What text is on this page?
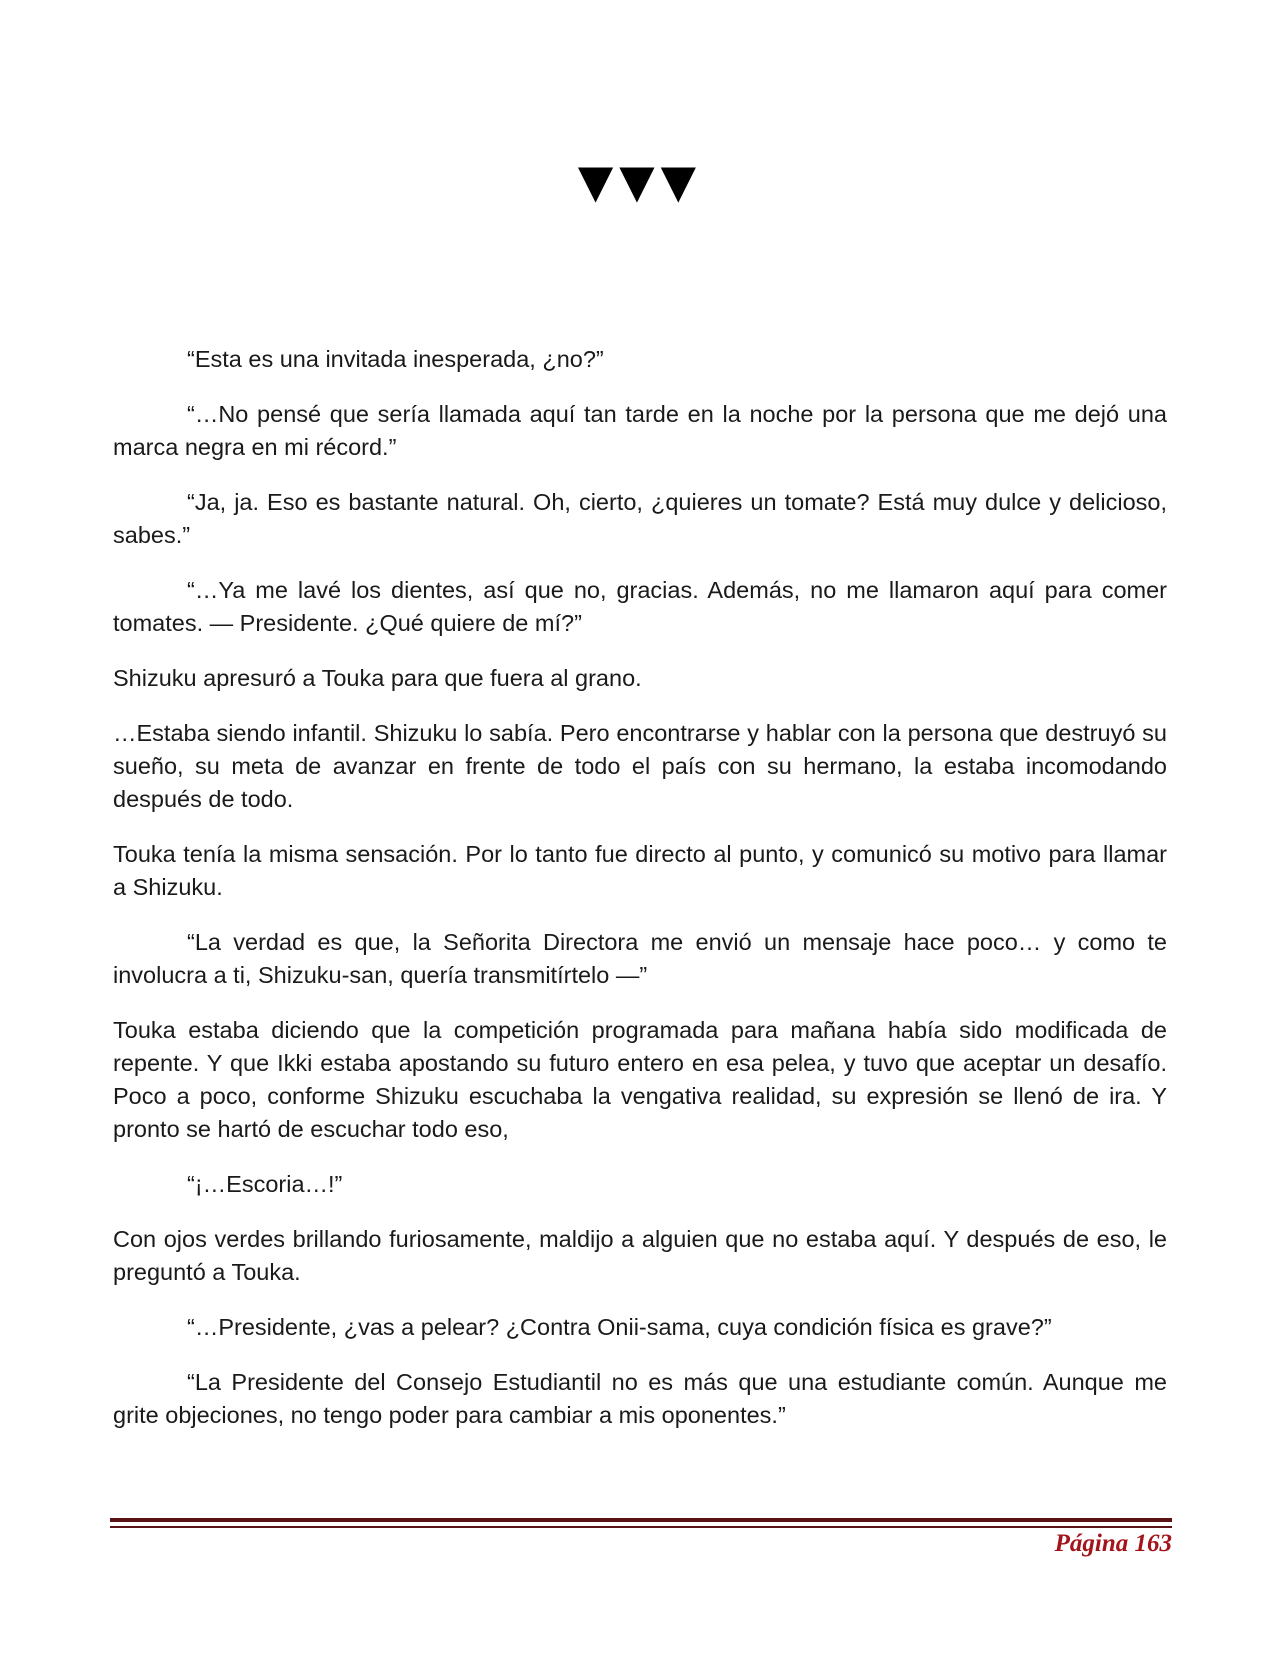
▼▼▼

“Esta es una invitada inesperada, ¿no?”

“…No pensé que sería llamada aquí tan tarde en la noche por la persona que me dejó una marca negra en mi récord.”

“Ja, ja. Eso es bastante natural. Oh, cierto, ¿quieres un tomate? Está muy dulce y delicioso, sabes.”

“…Ya me lavé los dientes, así que no, gracias. Además, no me llamaron aquí para comer tomates. — Presidente. ¿Qué quiere de mí?”

Shizuku apresuró a Touka para que fuera al grano.

…Estaba siendo infantil. Shizuku lo sabía. Pero encontrarse y hablar con la persona que destruyó su sueño, su meta de avanzar en frente de todo el país con su hermano, la estaba incomodando después de todo.

Touka tenía la misma sensación. Por lo tanto fue directo al punto, y comunicó su motivo para llamar a Shizuku.

“La verdad es que, la Señorita Directora me envió un mensaje hace poco… y como te involucra a ti, Shizuku-san, quería transmitírtelo —”

Touka estaba diciendo que la competición programada para mañana había sido modificada de repente. Y que Ikki estaba apostando su futuro entero en esa pelea, y tuvo que aceptar un desafío. Poco a poco, conforme Shizuku escuchaba la vengativa realidad, su expresión se llenó de ira. Y pronto se hartó de escuchar todo eso,

“¡…Escoria…!”

Con ojos verdes brillando furiosamente, maldijo a alguien que no estaba aquí. Y después de eso, le preguntó a Touka.

“…Presidente, ¿vas a pelear? ¿Contra Onii-sama, cuya condición física es grave?”

“La Presidente del Consejo Estudiantil no es más que una estudiante común. Aunque me grite objeciones, no tengo poder para cambiar a mis oponentes.”

Página 163
